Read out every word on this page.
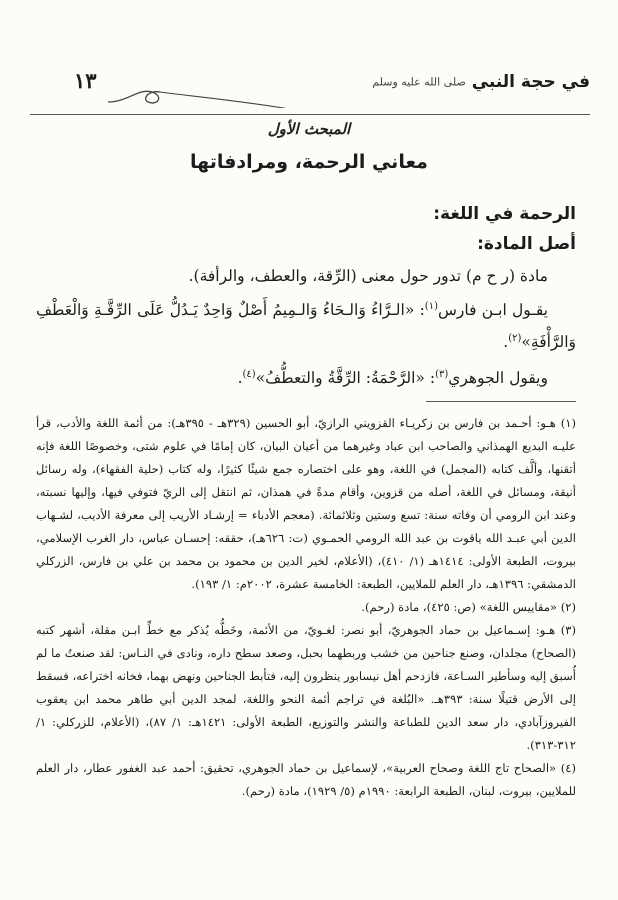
في حجة النبي صلى الله عليه وسلم
١٣
المبحث الأول
معاني الرحمة، ومرادفاتها
الرحمة في اللغة:
أصل المادة:
مادة (ر ح م) تدور حول معنى (الرِّقة، والعطف، والرأفة).
يقـول ابـن فارس$^{(١)}$: «الـرَّاءُ وَالـحَاءُ وَالـمِيمُ أَصْلٌ وَاحِدٌ يَـدُلُّ عَلَى الرِّقَّـةِ وَالْعَطْفِ
وَالرَّأْفَةِ»$^{(٢)}$.
ويقول الجوهري$^{(٣)}$: «الرَّحْمَةُ: الرِّقَّةُ والتعطُّفُ»$^{(٤)}$.

(١) هـو: أحـمد بن فارس بن زكريـاء القزويني الرازيّ، أبو الحسين (٣٢٩هـ - ٣٩٥هـ): من أئمة اللغة والأدب، قرأ عليـه البديع الهمذاني والصاحب ابن عباد وغيرهما من أعيان البيان، كان إمامًا في علوم شتى، وخصوصًا اللغة فإنه أتقنها، وألَّف كتابه (المجمل) في اللغة، وهو على اختصاره جمع شيئًا كثيرًا، وله كتاب (حلية الفقهاء)، وله رسائل أنيقة، ومسائل في اللغة، أصله من قزوين، وأقام مدةً في همذان، ثم انتقل إلى الريّ فتوفي فيها، وإليها نسبته، وعند ابن الرومي أن وفاته سنة: تسع وستين وثلاثمائة. (معجم الأدباء = إرشـاد الأريب إلى معرفة الأديب، لشـهاب الدين أبي عبـد الله ياقوت بن عبد الله الرومي الحمـوي (ت: ٦٢٦هـ)، حققه: إحسـان عباس، دار الغرب الإسلامي، بيروت، الطبعة الأولى: ١٤١٤هـ (١/ ٤١٠)، (الأعلام، لخير الدين بن محمود بن محمد بن علي بن فارس، الزركلي الدمشقي: ١٣٩٦هـ، دار العلم للملايين، الطبعة: الخامسة عشرة، ٢٠٠٢م: ١/ ١٩٣).

(٢) «مقاييس اللغة» (ص: ٤٢٥)، مادة (رحم).

(٣) هـو: إسـماعيل بن حماد الجوهريّ، أبو نصر: لغـويّ، من الأئمة، وخَطُّه يُذكر مع خطِّ ابـن مقلة، أشهر كتبه (الصحاح) مجلدان، وصنع جناحين من خشب وربطهما بحبل، وصعد سطح داره، ونادى في النـاس: لقد صنعتُ ما لم أُسبق إليه وسأطير السـاعة، فازدحم أهل نيسابور ينظرون إليه، فتأبط الجناحين ونهض بهما، فخانه اختراعه، فسقط إلى الأرض قتيلًا سنة: ٣٩٣هـ. «البُلغة في تراجم أئمة النحو واللغة، لمجد الدين أبي طاهر محمد ابن يعقوب الفيروزآبادي، دار سعد الدين للطباعة والنشر والتوزيع، الطبعة الأولى: ١٤٢١هـ: ١/ ٨٧)، (الأعلام، للزركلي: ١/ ٣١٢-٣١٣).

(٤) «الصحاح تاج اللغة وصحاح العربية»، لإسماعيل بن حماد الجوهري، تحقيق: أحمد عبد الغفور عطار، دار العلم للملايين، بيروت، لبنان، الطبعة الرابعة: ١٩٩٠م (٥/ ١٩٢٩)، مادة (رحم).
